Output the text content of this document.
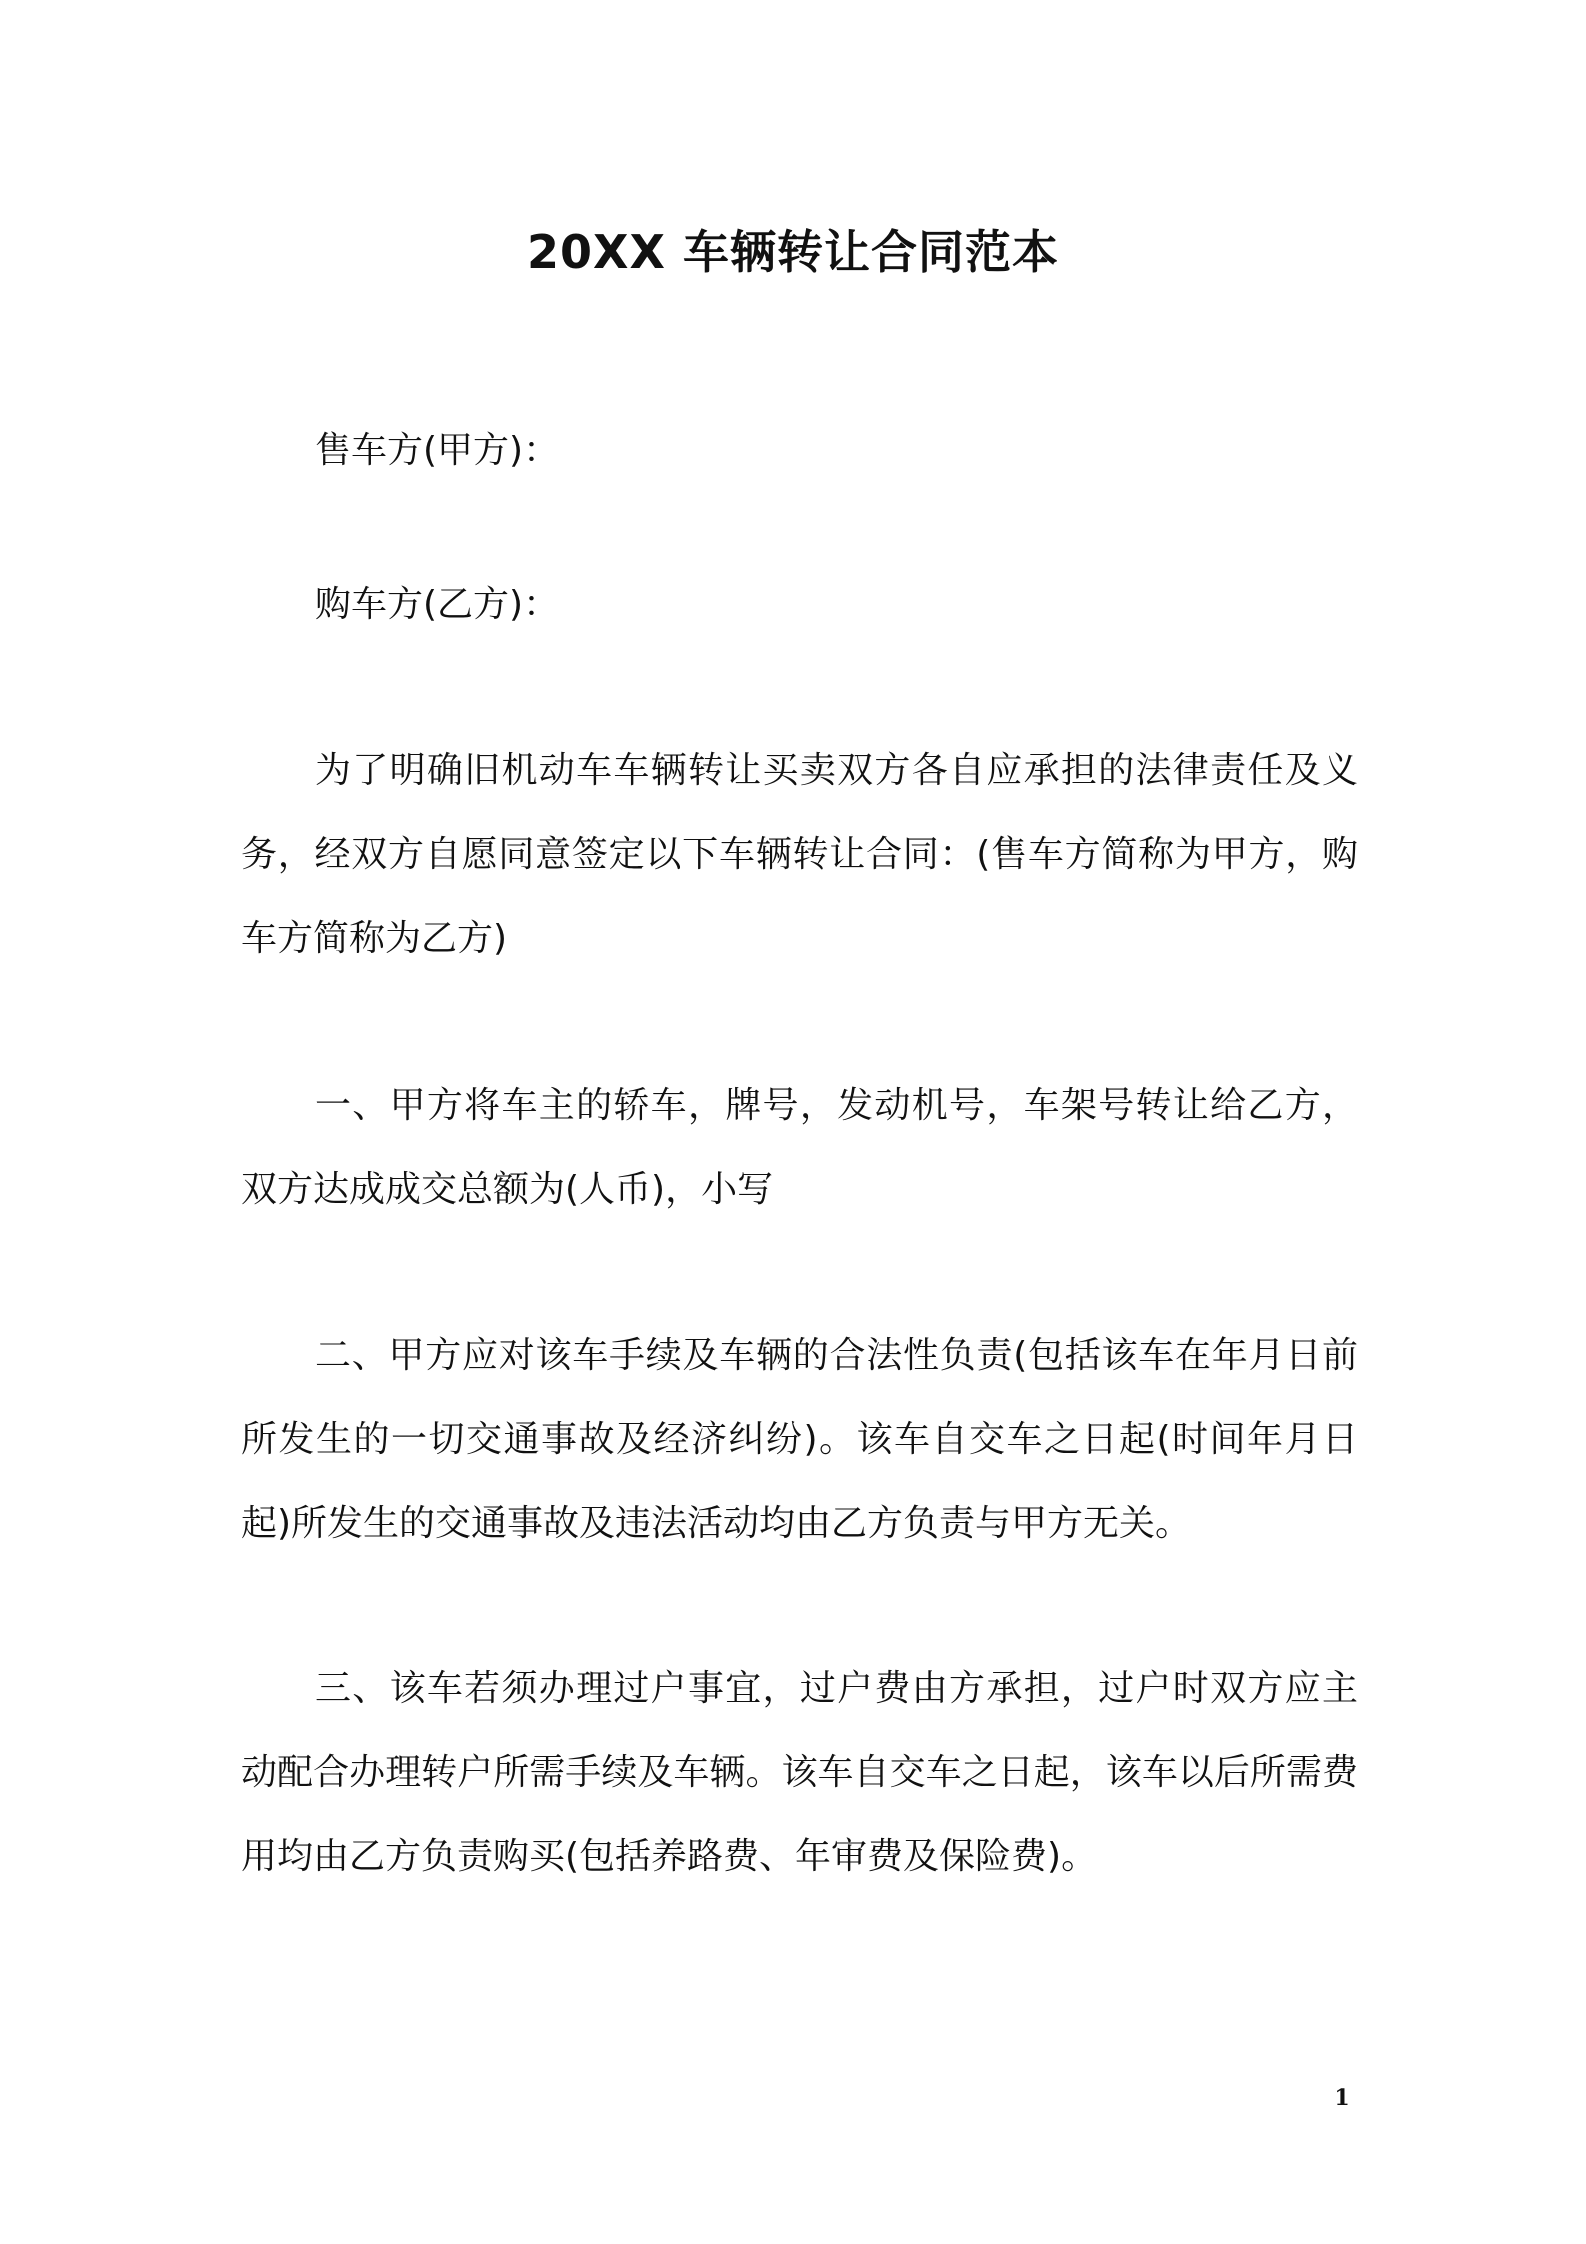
20XX 车辆转让合同范本
售车方(甲方)：
购车方(乙方)：
为了明确旧机动车车辆转让买卖双方各自应承担的法律责任及义务，经双方自愿同意签定以下车辆转让合同：(售车方简称为甲方，购车方简称为乙方)
一、甲方将车主的轿车，牌号，发动机号，车架号转让给乙方，双方达成成交总额为(人币)，小写
二、甲方应对该车手续及车辆的合法性负责(包括该车在年月日前所发生的一切交通事故及经济纠纷)。该车自交车之日起(时间年月日起)所发生的交通事故及违法活动均由乙方负责与甲方无关。
三、该车若须办理过户事宜，过户费由方承担，过户时双方应主动配合办理转户所需手续及车辆。该车自交车之日起，该车以后所需费用均由乙方负责购买(包括养路费、年审费及保险费)。
1
